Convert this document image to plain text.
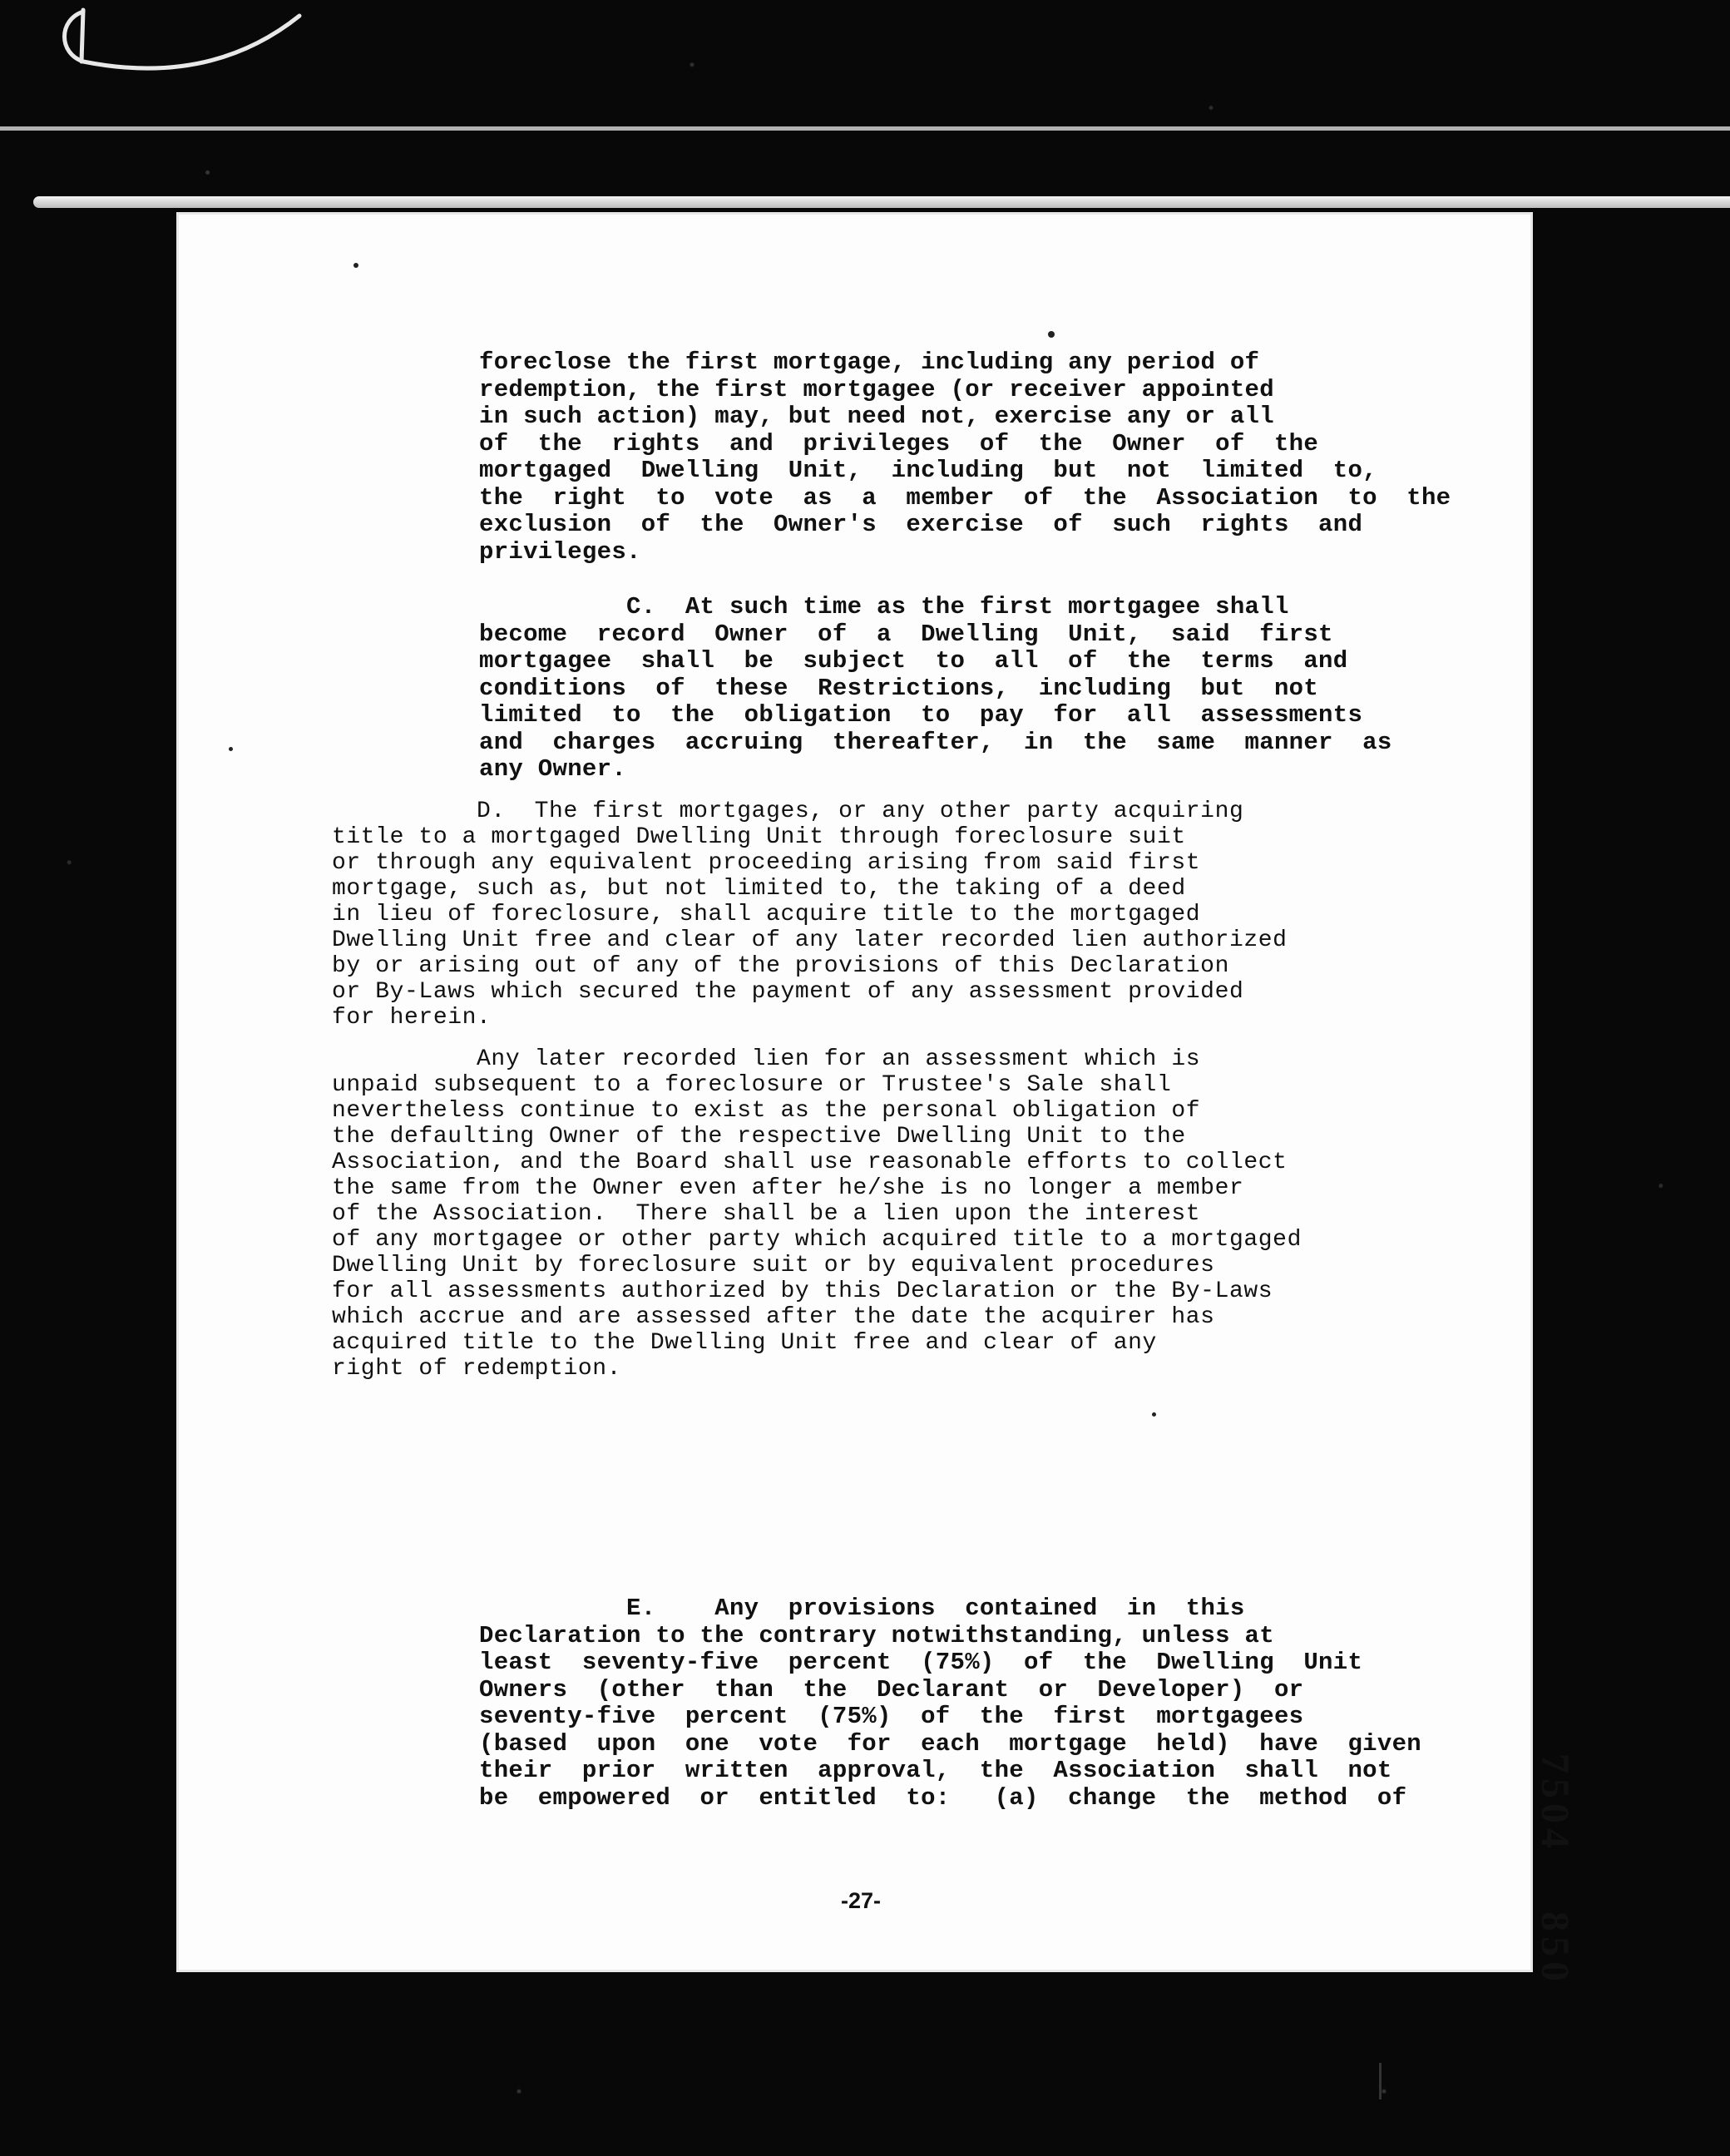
foreclose the first mortgage, including any period of
redemption, the first mortgagee (or receiver appointed
in such action) may, but need not, exercise any or all
of  the  rights  and  privileges  of  the  Owner  of  the
mortgaged  Dwelling  Unit,  including  but  not  limited  to,
the  right  to  vote  as  a  member  of  the  Association  to  the
exclusion  of  the  Owner's  exercise  of  such  rights  and
privileges.
C.  At such time as the first mortgagee shall
become  record  Owner  of  a  Dwelling  Unit,  said  first
mortgagee  shall  be  subject  to  all  of  the  terms  and
conditions  of  these  Restrictions,  including  but  not
limited  to  the  obligation  to  pay  for  all  assessments
and  charges  accruing  thereafter,  in  the  same  manner  as
any Owner.
D.  The first mortgages, or any other party acquiring
title to a mortgaged Dwelling Unit through foreclosure suit
or through any equivalent proceeding arising from said first
mortgage, such as, but not limited to, the taking of a deed
in lieu of foreclosure, shall acquire title to the mortgaged
Dwelling Unit free and clear of any later recorded lien authorized
by or arising out of any of the provisions of this Declaration
or By-Laws which secured the payment of any assessment provided
for herein.
Any later recorded lien for an assessment which is
unpaid subsequent to a foreclosure or Trustee's Sale shall
nevertheless continue to exist as the personal obligation of
the defaulting Owner of the respective Dwelling Unit to the
Association, and the Board shall use reasonable efforts to collect
the same from the Owner even after he/she is no longer a member
of the Association.  There shall be a lien upon the interest
of any mortgagee or other party which acquired title to a mortgaged
Dwelling Unit by foreclosure suit or by equivalent procedures
for all assessments authorized by this Declaration or the By-Laws
which accrue and are assessed after the date the acquirer has
acquired title to the Dwelling Unit free and clear of any
right of redemption.
E.    Any  provisions  contained  in  this
Declaration to the contrary notwithstanding, unless at
least  seventy-five  percent  (75%)  of  the  Dwelling  Unit
Owners  (other  than  the  Declarant  or  Developer)  or
seventy-five  percent  (75%)  of  the  first  mortgagees
(based  upon  one  vote  for  each  mortgage  held)  have  given
their  prior  written  approval,  the  Association  shall  not
be  empowered  or  entitled  to:   (a)  change  the  method  of	7504850
-27-
